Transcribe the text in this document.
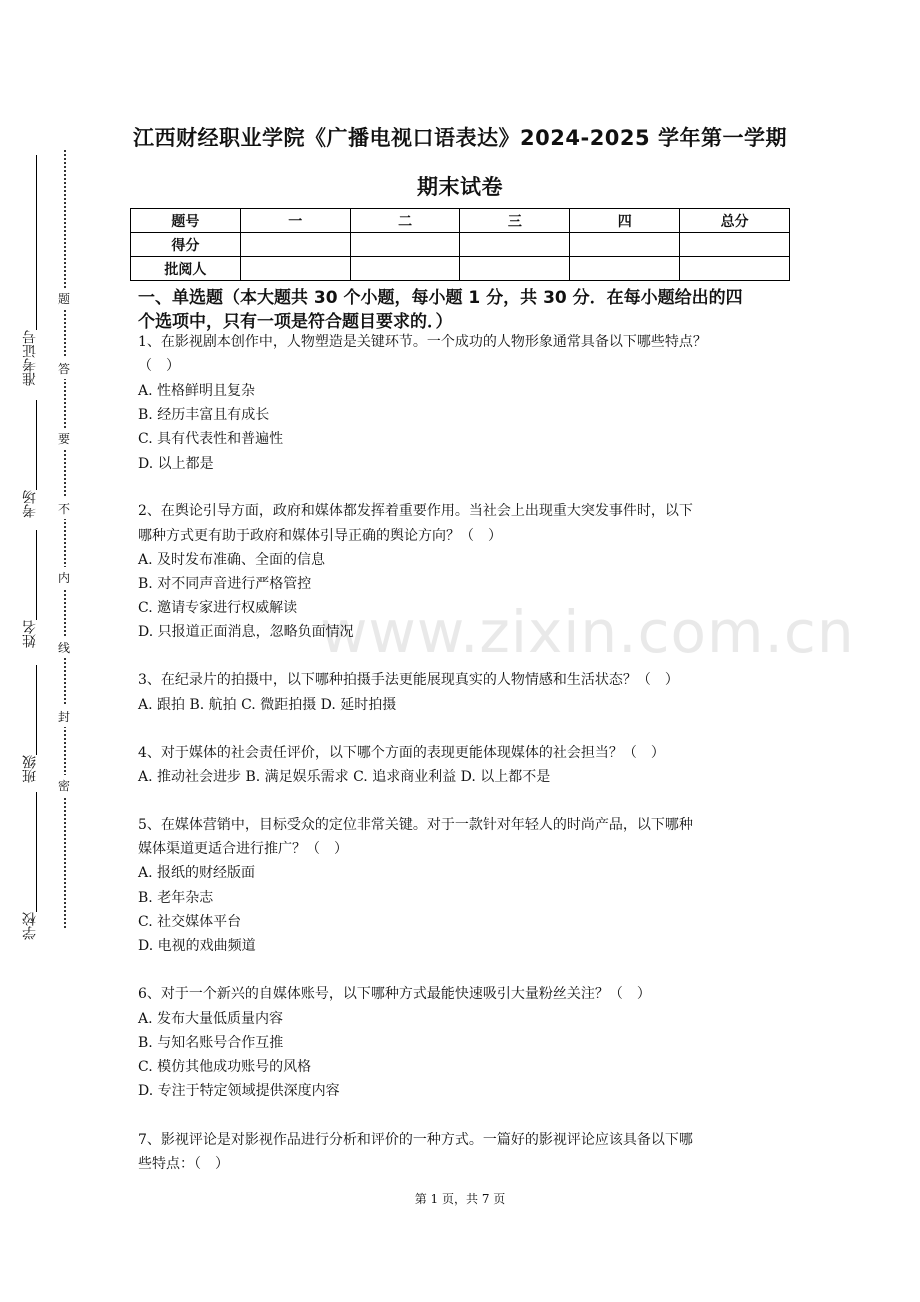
准考证号
考场
姓名
班级
学校
题
答
要
不
内
线
封
密
www.zixin.com.cn
江西财经职业学院《广播电视口语表达》2024-2025 学年第一学期
期末试卷
题号	一	二	三	四	总分
得分					
批阅人					
一、单选题（本大题共 30 个小题，每小题 1 分，共 30 分．在每小题给出的四
个选项中，只有一项是符合题目要求的．）
1、在影视剧本创作中，人物塑造是关键环节。一个成功的人物形象通常具备以下哪些特点？
（　）
A. 性格鲜明且复杂
B. 经历丰富且有成长
C. 具有代表性和普遍性
D. 以上都是
2、在舆论引导方面，政府和媒体都发挥着重要作用。当社会上出现重大突发事件时，以下
哪种方式更有助于政府和媒体引导正确的舆论方向？（　）
A. 及时发布准确、全面的信息
B. 对不同声音进行严格管控
C. 邀请专家进行权威解读
D. 只报道正面消息，忽略负面情况
3、在纪录片的拍摄中，以下哪种拍摄手法更能展现真实的人物情感和生活状态？（　）
A. 跟拍 B. 航拍 C. 微距拍摄 D. 延时拍摄
4、对于媒体的社会责任评价，以下哪个方面的表现更能体现媒体的社会担当？（　）
A. 推动社会进步 B. 满足娱乐需求 C. 追求商业利益 D. 以上都不是
5、在媒体营销中，目标受众的定位非常关键。对于一款针对年轻人的时尚产品，以下哪种
媒体渠道更适合进行推广？（　）
A. 报纸的财经版面
B. 老年杂志
C. 社交媒体平台
D. 电视的戏曲频道
6、对于一个新兴的自媒体账号，以下哪种方式最能快速吸引大量粉丝关注？（　）
A. 发布大量低质量内容
B. 与知名账号合作互推
C. 模仿其他成功账号的风格
D. 专注于特定领域提供深度内容
7、影视评论是对影视作品进行分析和评价的一种方式。一篇好的影视评论应该具备以下哪
些特点：（　）
第 1 页，共 7 页
